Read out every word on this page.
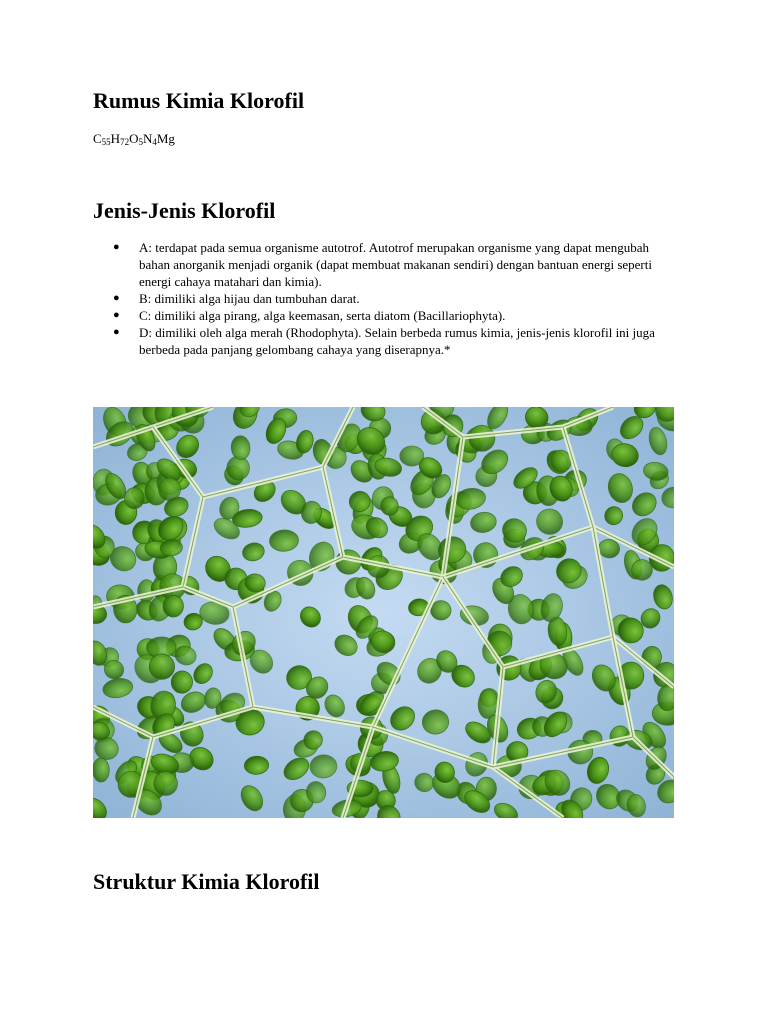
Rumus Kimia Klorofil
$C_{55}H_{72}O_5N_4Mg$
Jenis-Jenis Klorofil
● A: terdapat pada semua organisme autotrof. Autotrof merupakan organisme yang dapat mengubah bahan anorganik menjadi organik (dapat membuat makanan sendiri) dengan bantuan energi seperti energi cahaya matahari dan kimia).
● B: dimiliki alga hijau dan tumbuhan darat.
● C: dimiliki alga pirang, alga keemasan, serta diatom (Bacillariophyta).
● D: dimiliki oleh alga merah (Rhodophyta). Selain berbeda rumus kimia, jenis-jenis klorofil ini juga berbeda pada panjang gelombang cahaya yang diserapnya.*
Struktur Kimia Klorofil
